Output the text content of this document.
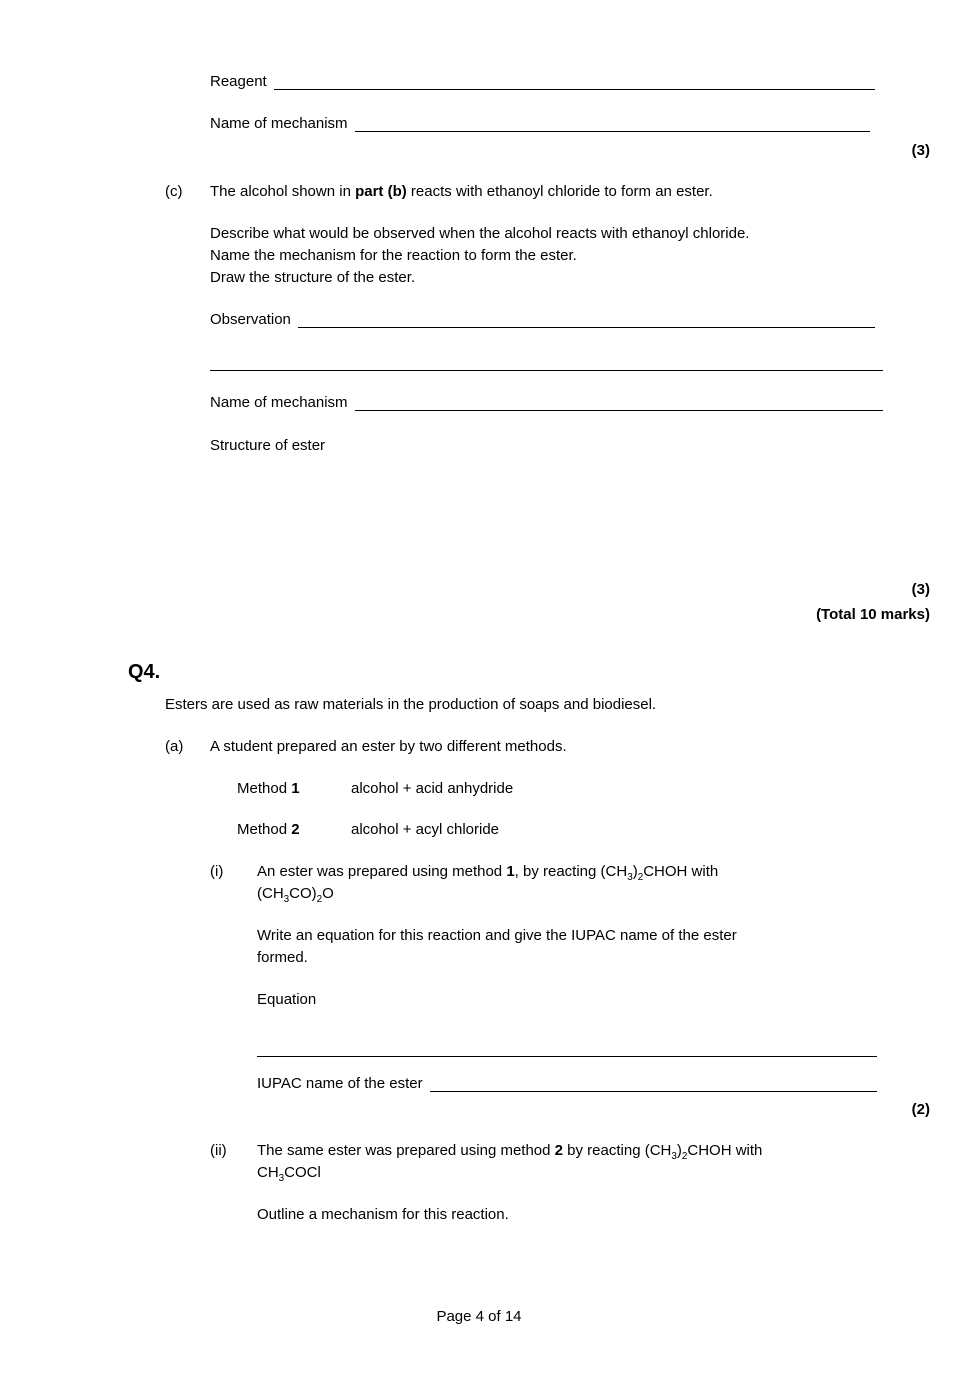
Reagent
Name of mechanism
(3)
(c)	The alcohol shown in part (b) reacts with ethanoyl chloride to form an ester.
Describe what would be observed when the alcohol reacts with ethanoyl chloride.
Name the mechanism for the reaction to form the ester.
Draw the structure of the ester.
Observation
Name of mechanism
Structure of ester
(3)
(Total 10 marks)
Q4.
Esters are used as raw materials in the production of soaps and biodiesel.
(a)	A student prepared an ester by two different methods.
Method 1	alcohol + acid anhydride
Method 2	alcohol + acyl chloride
(i)	An ester was prepared using method 1, by reacting $(CH_3)_2CHOH$ with
$(CH_3CO)_2O$
Write an equation for this reaction and give the IUPAC name of the ester
formed.
Equation
IUPAC name of the ester
(2)
(ii)	The same ester was prepared using method 2 by reacting $(CH_3)_2CHOH$ with
$CH_3COCl$
Outline a mechanism for this reaction.
Page 4 of 14
